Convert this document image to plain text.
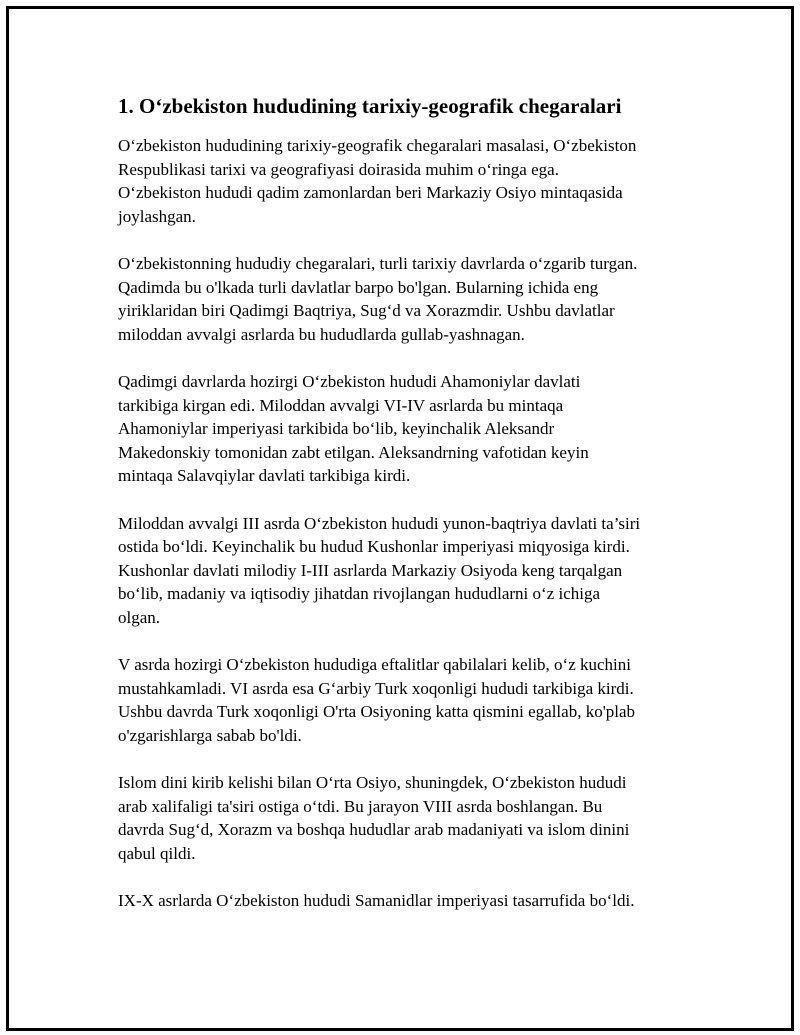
1. O‘zbekiston hududining tarixiy-geografik chegaralari

O‘zbekiston hududining tarixiy-geografik chegaralari masalasi, O‘zbekiston
Respublikasi tarixi va geografiyasi doirasida muhim o‘ringa ega.
O‘zbekiston hududi qadim zamonlardan beri Markaziy Osiyo mintaqasida
joylashgan.

O‘zbekistonning hududiy chegaralari, turli tarixiy davrlarda o‘zgarib turgan.
Qadimda bu o'lkada turli davlatlar barpo bo'lgan. Bularning ichida eng
yiriklaridan biri Qadimgi Baqtriya, Sug‘d va Xorazmdir. Ushbu davlatlar
miloddan avvalgi asrlarda bu hududlarda gullab-yashnagan.

Qadimgi davrlarda hozirgi O‘zbekiston hududi Ahamoniylar davlati
tarkibiga kirgan edi. Miloddan avvalgi VI-IV asrlarda bu mintaqa
Ahamoniylar imperiyasi tarkibida bo‘lib, keyinchalik Aleksandr
Makedonskiy tomonidan zabt etilgan. Aleksandrning vafotidan keyin
mintaqa Salavqiylar davlati tarkibiga kirdi.

Miloddan avvalgi III asrda O‘zbekiston hududi yunon-baqtriya davlati ta’siri
ostida bo‘ldi. Keyinchalik bu hudud Kushonlar imperiyasi miqyosiga kirdi.
Kushonlar davlati milodiy I-III asrlarda Markaziy Osiyoda keng tarqalgan
bo‘lib, madaniy va iqtisodiy jihatdan rivojlangan hududlarni o‘z ichiga
olgan.

V asrda hozirgi O‘zbekiston hududiga eftalitlar qabilalari kelib, o‘z kuchini
mustahkamladi. VI asrda esa G‘arbiy Turk xoqonligi hududi tarkibiga kirdi.
Ushbu davrda Turk xoqonligi O'rta Osiyoning katta qismini egallab, ko'plab
o'zgarishlarga sabab bo'ldi.

Islom dini kirib kelishi bilan O‘rta Osiyo, shuningdek, O‘zbekiston hududi
arab xalifaligi ta'siri ostiga o‘tdi. Bu jarayon VIII asrda boshlangan. Bu
davrda Sug‘d, Xorazm va boshqa hududlar arab madaniyati va islom dinini
qabul qildi.

IX-X asrlarda O‘zbekiston hududi Samanidlar imperiyasi tasarrufida bo‘ldi.
